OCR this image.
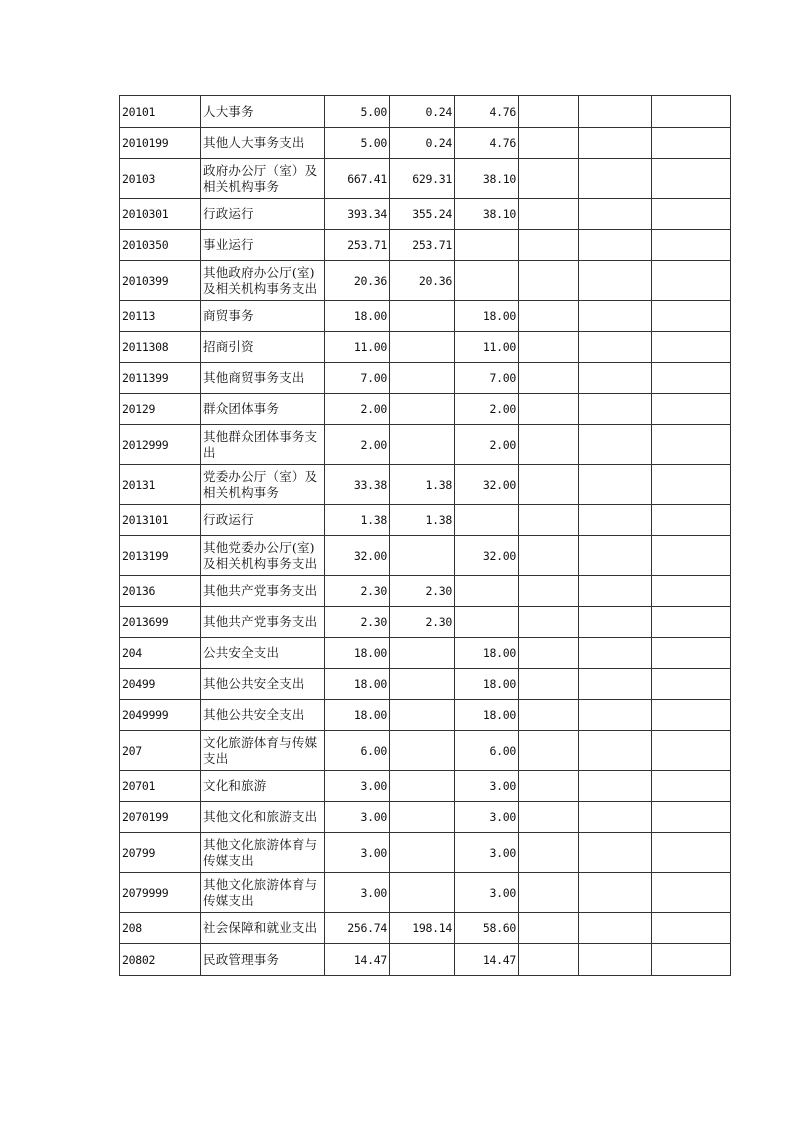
20101	人大事务	5.00	0.24	4.76			
2010199	其他人大事务支出	5.00	0.24	4.76			
20103	政府办公厅（室）及相关机构事务	667.41	629.31	38.10			
2010301	行政运行	393.34	355.24	38.10			
2010350	事业运行	253.71	253.71				
2010399	其他政府办公厅(室)及相关机构事务支出	20.36	20.36				
20113	商贸事务	18.00		18.00			
2011308	招商引资	11.00		11.00			
2011399	其他商贸事务支出	7.00		7.00			
20129	群众团体事务	2.00		2.00			
2012999	其他群众团体事务支出	2.00		2.00			
20131	党委办公厅（室）及相关机构事务	33.38	1.38	32.00			
2013101	行政运行	1.38	1.38				
2013199	其他党委办公厅(室)及相关机构事务支出	32.00		32.00			
20136	其他共产党事务支出	2.30	2.30				
2013699	其他共产党事务支出	2.30	2.30				
204	公共安全支出	18.00		18.00			
20499	其他公共安全支出	18.00		18.00			
2049999	其他公共安全支出	18.00		18.00			
207	文化旅游体育与传媒支出	6.00		6.00			
20701	文化和旅游	3.00		3.00			
2070199	其他文化和旅游支出	3.00		3.00			
20799	其他文化旅游体育与传媒支出	3.00		3.00			
2079999	其他文化旅游体育与传媒支出	3.00		3.00			
208	社会保障和就业支出	256.74	198.14	58.60			
20802	民政管理事务	14.47		14.47			
